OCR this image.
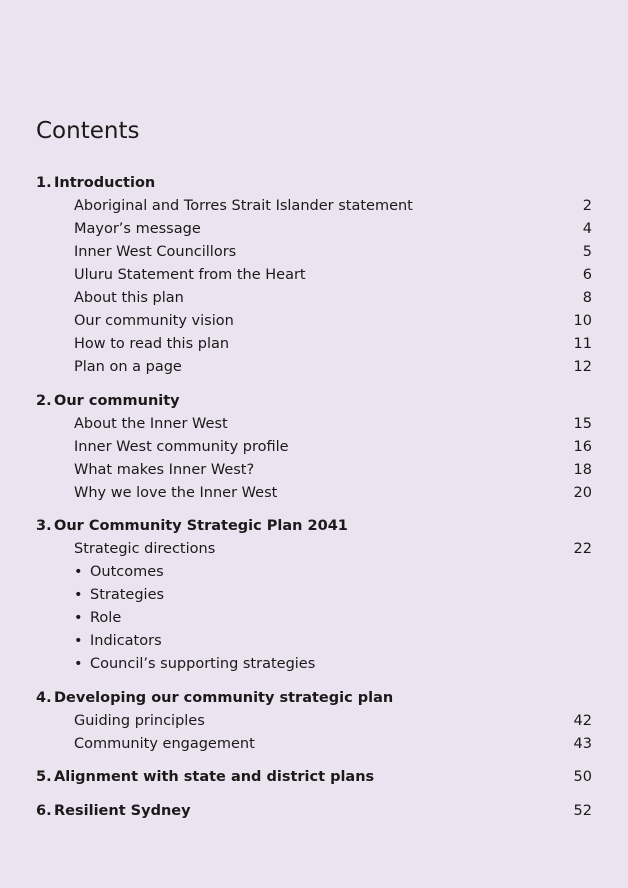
Contents
1. Introduction
Aboriginal and Torres Strait Islander statement	2
Mayor’s message	4
Inner West Councillors	5
Uluru Statement from the Heart	6
About this plan	8
Our community vision	10
How to read this plan	11
Plan on a page	12
2. Our community
About the Inner West	15
Inner West community profile	16
What makes Inner West?	18
Why we love the Inner West	20
3. Our Community Strategic Plan 2041
Strategic directions	22
• Outcomes
• Strategies
• Role
• Indicators
• Council’s supporting strategies
4. Developing our community strategic plan
Guiding principles	42
Community engagement	43
5. Alignment with state and district plans	50
6. Resilient Sydney	52
